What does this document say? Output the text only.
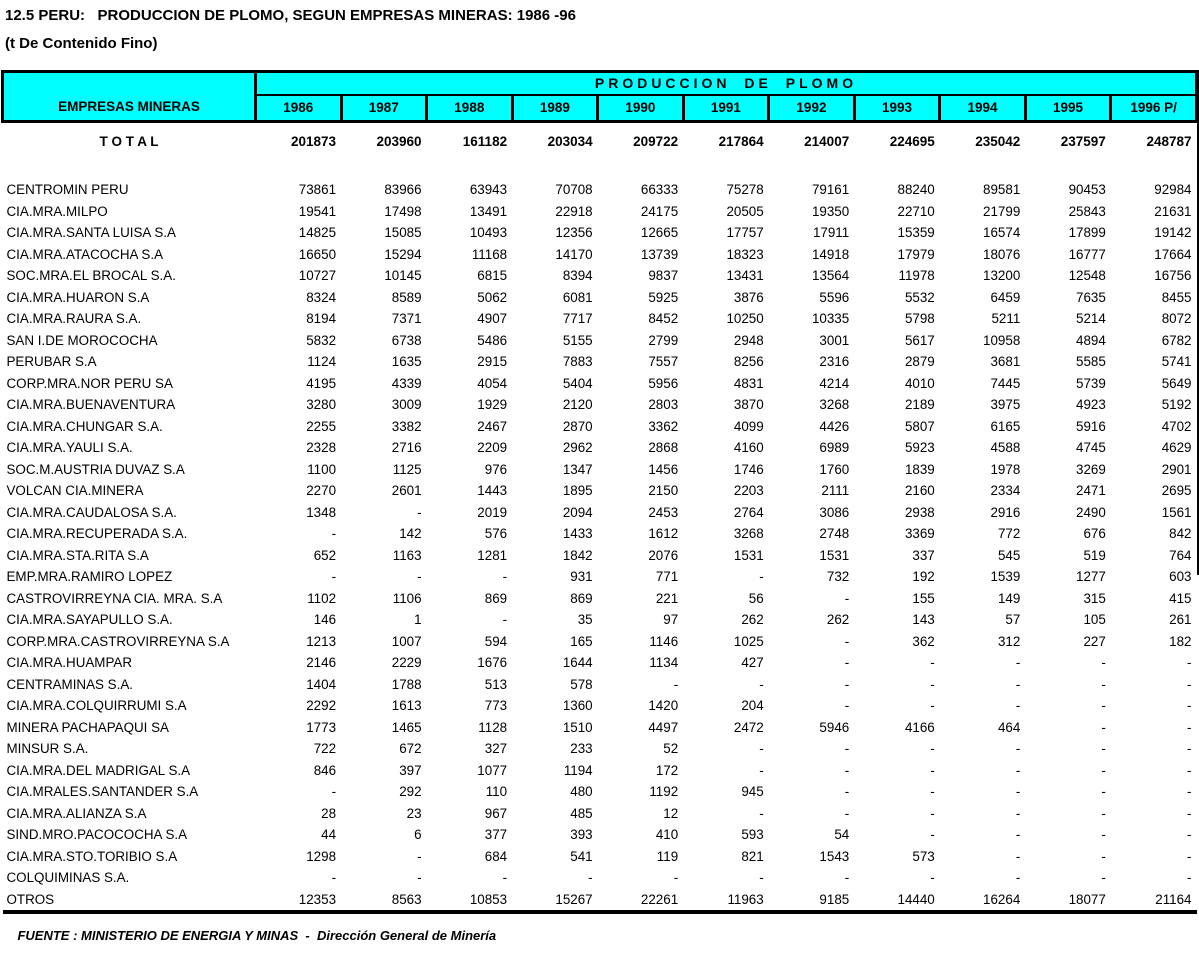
12.5 PERU:   PRODUCCION DE PLOMO, SEGUN EMPRESAS MINERAS: 1986 -96
(t De Contenido Fino)
EMPRESAS MINERAS	PRODUCCION DE PLOMO										
	1986	1987	1988	1989	1990	1991	1992	1993	1994	1995	1996 P/
T O T A L	201873	203960	161182	203034	209722	217864	214007	224695	235042	237597	248787

CENTROMIN PERU	73861	83966	63943	70708	66333	75278	79161	88240	89581	90453	92984
CIA.MRA.MILPO	19541	17498	13491	22918	24175	20505	19350	22710	21799	25843	21631
CIA.MRA.SANTA LUISA S.A	14825	15085	10493	12356	12665	17757	17911	15359	16574	17899	19142
CIA.MRA.ATACOCHA S.A	16650	15294	11168	14170	13739	18323	14918	17979	18076	16777	17664
SOC.MRA.EL BROCAL S.A.	10727	10145	6815	8394	9837	13431	13564	11978	13200	12548	16756
CIA.MRA.HUARON S.A	8324	8589	5062	6081	5925	3876	5596	5532	6459	7635	8455
CIA.MRA.RAURA S.A.	8194	7371	4907	7717	8452	10250	10335	5798	5211	5214	8072
SAN I.DE MOROCOCHA	5832	6738	5486	5155	2799	2948	3001	5617	10958	4894	6782
PERUBAR S.A	1124	1635	2915	7883	7557	8256	2316	2879	3681	5585	5741
CORP.MRA.NOR PERU SA	4195	4339	4054	5404	5956	4831	4214	4010	7445	5739	5649
CIA.MRA.BUENAVENTURA	3280	3009	1929	2120	2803	3870	3268	2189	3975	4923	5192
CIA.MRA.CHUNGAR S.A.	2255	3382	2467	2870	3362	4099	4426	5807	6165	5916	4702
CIA.MRA.YAULI S.A.	2328	2716	2209	2962	2868	4160	6989	5923	4588	4745	4629
SOC.M.AUSTRIA DUVAZ S.A	1100	1125	976	1347	1456	1746	1760	1839	1978	3269	2901
VOLCAN CIA.MINERA	2270	2601	1443	1895	2150	2203	2111	2160	2334	2471	2695
CIA.MRA.CAUDALOSA S.A.	1348	-	2019	2094	2453	2764	3086	2938	2916	2490	1561
CIA.MRA.RECUPERADA S.A.	-	142	576	1433	1612	3268	2748	3369	772	676	842
CIA.MRA.STA.RITA S.A	652	1163	1281	1842	2076	1531	1531	337	545	519	764
EMP.MRA.RAMIRO LOPEZ	-	-	-	931	771	-	732	192	1539	1277	603
CASTROVIRREYNA CIA. MRA. S.A	1102	1106	869	869	221	56	-	155	149	315	415
CIA.MRA.SAYAPULLO S.A.	146	1	-	35	97	262	262	143	57	105	261
CORP.MRA.CASTROVIRREYNA S.A	1213	1007	594	165	1146	1025	-	362	312	227	182
CIA.MRA.HUAMPAR	2146	2229	1676	1644	1134	427	-	-	-	-	-
CENTRAMINAS S.A.	1404	1788	513	578	-	-	-	-	-	-	-
CIA.MRA.COLQUIRRUMI S.A	2292	1613	773	1360	1420	204	-	-	-	-	-
MINERA PACHAPAQUI SA	1773	1465	1128	1510	4497	2472	5946	4166	464	-	-
MINSUR S.A.	722	672	327	233	52	-	-	-	-	-	-
CIA.MRA.DEL MADRIGAL S.A	846	397	1077	1194	172	-	-	-	-	-	-
CIA.MRALES.SANTANDER S.A	-	292	110	480	1192	945	-	-	-	-	-
CIA.MRA.ALIANZA S.A	28	23	967	485	12	-	-	-	-	-	-
SIND.MRO.PACOCOCHA S.A	44	6	377	393	410	593	54	-	-	-	-
CIA.MRA.STO.TORIBIO S.A	1298	-	684	541	119	821	1543	573	-	-	-
COLQUIMINAS S.A.	-	-	-	-	-	-	-	-	-	-	-
OTROS	12353	8563	10853	15267	22261	11963	9185	14440	16264	18077	21164

FUENTE : MINISTERIO DE ENERGIA Y MINAS  -  Dirección General de Minería
